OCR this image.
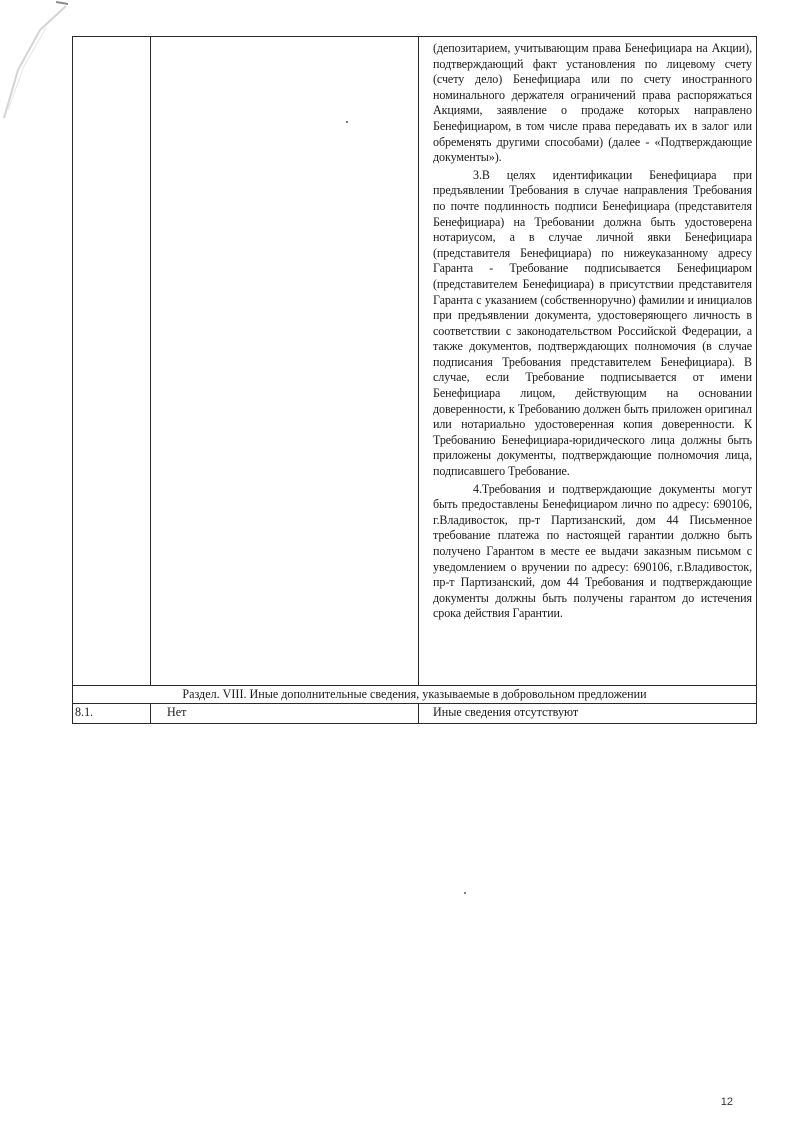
		(депозитарием, учитывающим права Бенефициара на Акции), подтверждающий факт установления по лицевому счету (счету дело) Бенефициара или по счету иностранного номинального держателя ограничений права распоряжаться Акциями, заявление о продаже которых направлено Бенефициаром, в том числе права передавать их в залог или обременять другими способами) (далее - «Подтверждающие документы»).

3.В целях идентификации Бенефициара при предъявлении Требования в случае направления Требования по почте подлинность подписи Бенефициара (представителя Бенефициара) на Требовании должна быть удостоверена нотариусом, а в случае личной явки Бенефициара (представителя Бенефициара) по нижеуказанному адресу Гаранта - Требование подписывается Бенефициаром (представителем Бенефициара) в присутствии представителя Гаранта с указанием (собственноручно) фамилии и инициалов при предъявлении документа, удостоверяющего личность в соответствии с законодательством Российской Федерации, а также документов, подтверждающих полномочия (в случае подписания Требования представителем Бенефициара). В случае, если Требование подписывается от имени Бенефициара лицом, действующим на основании доверенности, к Требованию должен быть приложен оригинал или нотариально удостоверенная копия доверенности. К Требованию Бенефициара-юридического лица должны быть приложены документы, подтверждающие полномочия лица, подписавшего Требование.

4.Требования и подтверждающие документы могут быть предоставлены Бенефициаром лично по адресу: 690106, г.Владивосток, пр-т Партизанский, дом 44 Письменное требование платежа по настоящей гарантии должно быть получено Гарантом в месте ее выдачи заказным письмом с уведомлением о вручении по адресу: 690106, г.Владивосток, пр-т Партизанский, дом 44 Требования и подтверждающие документы должны быть получены гарантом до истечения срока действия Гарантии.

Раздел. VIII. Иные дополнительные сведения, указываемые в добровольном предложении		
8.1.	Нет	Иные сведения отсутствуют
12
